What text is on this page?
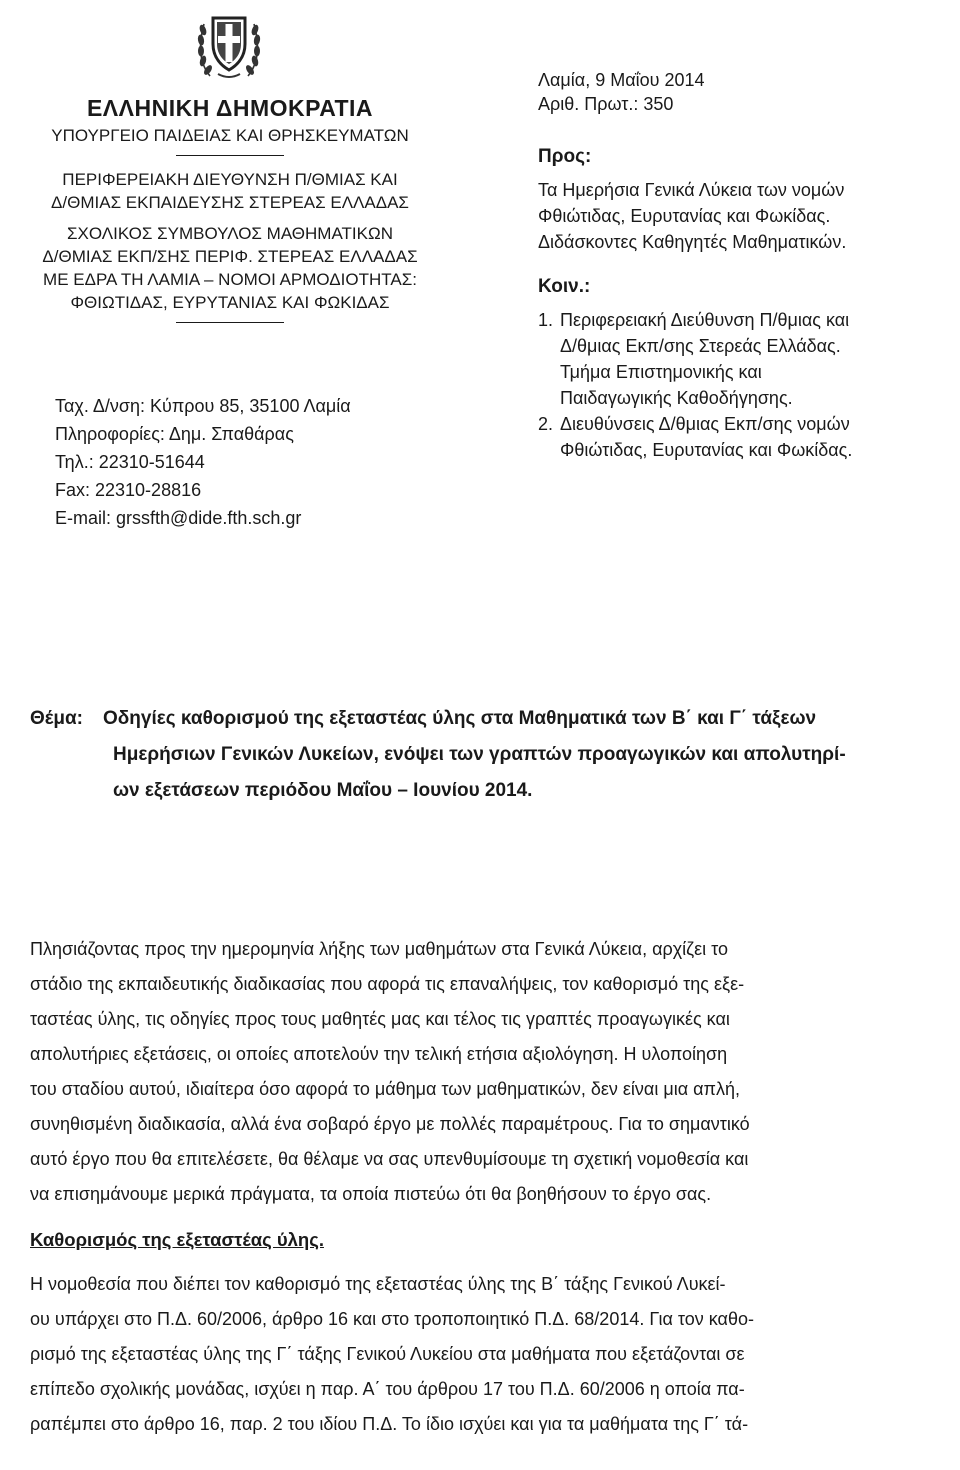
ΕΛΛΗΝΙΚΗ ΔΗΜΟΚΡΑΤΙΑ
ΥΠΟΥΡΓΕΙΟ ΠΑΙΔΕΙΑΣ ΚΑΙ ΘΡΗΣΚΕΥΜΑΤΩΝ
ΠΕΡΙΦΕΡΕΙΑΚΗ ΔΙΕΥΘΥΝΣΗ Π/ΘΜΙΑΣ ΚΑΙ
Δ/ΘΜΙΑΣ ΕΚΠΑΙΔΕΥΣΗΣ ΣΤΕΡΕΑΣ ΕΛΛΑΔΑΣ
ΣΧΟΛΙΚΟΣ ΣΥΜΒΟΥΛΟΣ ΜΑΘΗΜΑΤΙΚΩΝ
Δ/ΘΜΙΑΣ ΕΚΠ/ΣΗΣ ΠΕΡΙΦ. ΣΤΕΡΕΑΣ ΕΛΛΑΔΑΣ
ΜΕ ΕΔΡΑ ΤΗ ΛΑΜΙΑ – ΝΟΜΟΙ ΑΡΜΟΔΙΟΤΗΤΑΣ:
ΦΘΙΩΤΙΔΑΣ, ΕΥΡΥΤΑΝΙΑΣ ΚΑΙ ΦΩΚΙΔΑΣ
Ταχ. Δ/νση: Κύπρου 85, 35100 Λαμία
Πληροφορίες: Δημ. Σπαθάρας
Τηλ.: 22310-51644
Fax: 22310-28816
E-mail: grssfth@dide.fth.sch.gr
Λαμία, 9 Μαΐου 2014
Αριθ. Πρωτ.: 350
Προς:
Τα Ημερήσια Γενικά Λύκεια των νομών
Φθιώτιδας, Ευρυτανίας και Φωκίδας.
Διδάσκοντες Καθηγητές Μαθηματικών.
Κοιν.:
1. Περιφερειακή Διεύθυνση Π/θμιας και
Δ/θμιας Εκπ/σης Στερεάς Ελλάδας.
Τμήμα Επιστημονικής και
Παιδαγωγικής Καθοδήγησης.
2. Διευθύνσεις Δ/θμιας Εκπ/σης νομών
Φθιώτιδας, Ευρυτανίας και Φωκίδας.
Θέμα: Οδηγίες καθορισμού της εξεταστέας ύλης στα Μαθηματικά των Β΄ και Γ΄ τάξεων
Ημερήσιων Γενικών Λυκείων, ενόψει των γραπτών προαγωγικών και απολυτηρί-
ων εξετάσεων περιόδου Μαΐου – Ιουνίου 2014.
Πλησιάζοντας προς την ημερομηνία λήξης των μαθημάτων στα Γενικά Λύκεια, αρχίζει το
στάδιο της εκπαιδευτικής διαδικασίας που αφορά τις επαναλήψεις, τον καθορισμό της εξε-
ταστέας ύλης, τις οδηγίες προς τους μαθητές μας και τέλος τις γραπτές προαγωγικές και
απολυτήριες εξετάσεις, οι οποίες αποτελούν την τελική ετήσια αξιολόγηση. Η υλοποίηση
του σταδίου αυτού, ιδιαίτερα όσο αφορά το μάθημα των μαθηματικών, δεν είναι μια απλή,
συνηθισμένη διαδικασία, αλλά ένα σοβαρό έργο με πολλές παραμέτρους. Για το σημαντικό
αυτό έργο που θα επιτελέσετε, θα θέλαμε να σας υπενθυμίσουμε τη σχετική νομοθεσία και
να επισημάνουμε μερικά πράγματα, τα οποία πιστεύω ότι θα βοηθήσουν το έργο σας.
Καθορισμός της εξεταστέας ύλης.
Η νομοθεσία που διέπει τον καθορισμό της εξεταστέας ύλης της Β΄ τάξης Γενικού Λυκεί-
ου υπάρχει στο Π.Δ. 60/2006, άρθρο 16 και στο τροποποιητικό Π.Δ. 68/2014. Για τον καθο-
ρισμό της εξεταστέας ύλης της Γ΄ τάξης Γενικού Λυκείου στα μαθήματα που εξετάζονται σε
επίπεδο σχολικής μονάδας, ισχύει η παρ. Α΄ του άρθρου 17 του Π.Δ. 60/2006 η οποία πα-
ραπέμπει στο άρθρο 16, παρ. 2 του ιδίου Π.Δ. Το ίδιο ισχύει και για τα μαθήματα της Γ΄ τά-
